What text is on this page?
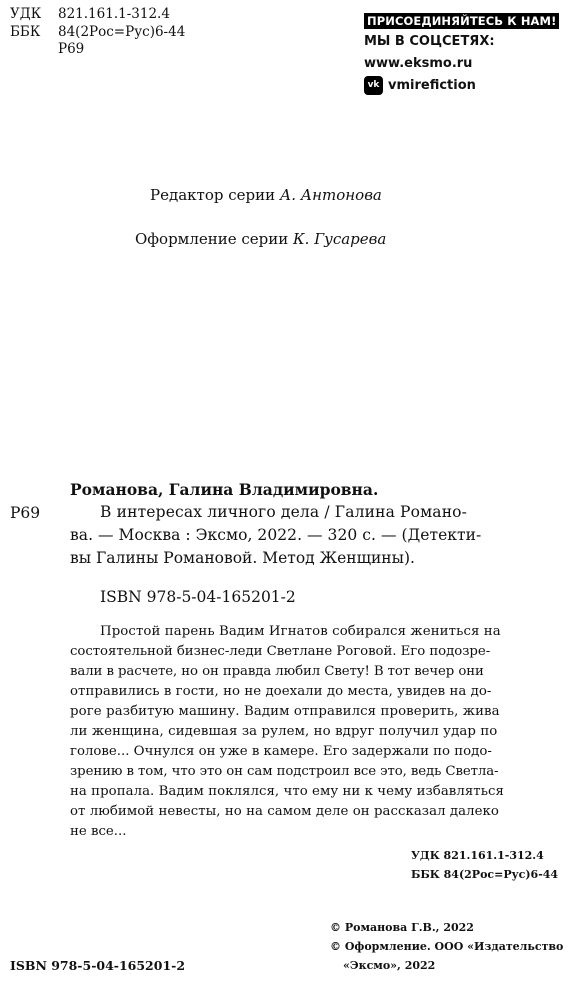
УДК 821.161.1-312.4
ББК 84(2Рос=Рус)6-44
Р69
ПРИСОЕДИНЯЙТЕСЬ К НАМ!
МЫ В СОЦСЕТЯХ:
www.eksmo.ru
vk vmirefiction
Редактор серии А. Антонова
Оформление серии К. Гусарева
Романова, Галина Владимировна.
Р69	В интересах личного дела / Галина Романо-
ва. — Москва : Эксмо, 2022. — 320 с. — (Детекти-
вы Галины Романовой. Метод Женщины).
ISBN 978-5-04-165201-2
Простой парень Вадим Игнатов собирался жениться на
состоятельной бизнес-леди Светлане Роговой. Его подозре-
вали в расчете, но он правда любил Свету! В тот вечер они
отправились в гости, но не доехали до места, увидев на до-
роге разбитую машину. Вадим отправился проверить, жива
ли женщина, сидевшая за рулем, но вдруг получил удар по
голове... Очнулся он уже в камере. Его задержали по подо-
зрению в том, что это он сам подстроил все это, ведь Светла-
на пропала. Вадим поклялся, что ему ни к чему избавляться
от любимой невесты, но на самом деле он рассказал далеко
не все...
УДК 821.161.1-312.4
ББК 84(2Рос=Рус)6-44
© Романова Г.В., 2022
© Оформление. ООО «Издательство
«Эксмо», 2022
ISBN 978-5-04-165201-2
